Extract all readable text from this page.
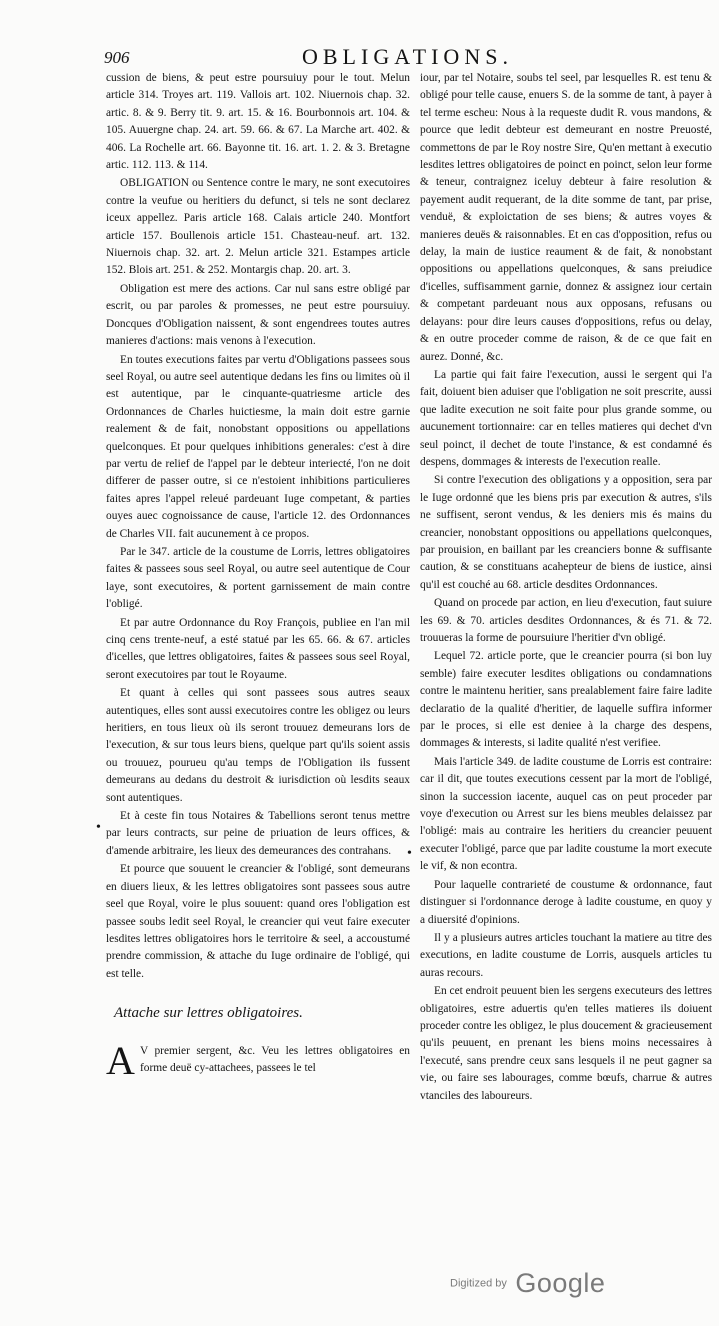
906	OBLIGATIONS.

cussion de biens, & peut estre poursuiuy pour le tout. Melun article 314. Troyes art. 119. Vallois art. 102. Niuernois chap. 32. artic. 8. & 9. Berry tit. 9. art. 15. & 16. Bourbonnois art. 104. & 105. Auuergne chap. 24. art. 59. 66. & 67. La Marche art. 402. & 406. La Rochelle art. 66. Bayonne tit. 16. art. 1. 2. & 3. Bretagne artic. 112. 113. & 114.

OBLIGATION ou Sentence contre le mary, ne sont executoires contre la veufue ou heritiers du defunct, si tels ne sont declarez iceux appellez. Paris article 168. Calais article 240. Montfort article 157. Boullenois article 151. Chasteau-neuf. art. 132. Niuernois chap. 32. art. 2. Melun article 321. Estampes article 152. Blois art. 251. & 252. Montargis chap. 20. art. 3.

Obligation est mere des actions. Car nul sans estre obligé par escrit, ou par paroles & promesses, ne peut estre poursuiuy. Doncques d'Obligation naissent, & sont engendrees toutes autres manieres d'actions: mais venons à l'execution.

En toutes executions faites par vertu d'Obligations passees sous seel Royal, ou autre seel autentique dedans les fins ou limites où il est autentique, par le cinquante-quatriesme article des Ordonnances de Charles huictiesme, la main doit estre garnie realement & de fait, nonobstant oppositions ou appellations quelconques. Et pour quelques inhibitions generales: c'est à dire par vertu de relief de l'appel par le debteur interiecté, l'on ne doit differer de passer outre, si ce n'estoient inhibitions particulieres faites apres l'appel releué pardeuant Iuge competant, & parties ouyes auec cognoissance de cause, l'article 12. des Ordonnances de Charles VII. fait aucunement à ce propos.

Par le 347. article de la coustume de Lorris, lettres obligatoires faites & passees sous seel Royal, ou autre seel autentique de Cour laye, sont executoires, & portent garnissement de main contre l'obligé.

Et par autre Ordonnance du Roy François, publiee en l'an mil cinq cens trente-neuf, a esté statué par les 65. 66. & 67. articles d'icelles, que lettres obligatoires, faites & passees sous seel Royal, seront executoires par tout le Royaume.

Et quant à celles qui sont passees sous autres seaux autentiques, elles sont aussi executoires contre les obligez ou leurs heritiers, en tous lieux où ils seront trouuez demeurans lors de l'execution, & sur tous leurs biens, quelque part qu'ils soient assis ou trouuez, pourueu qu'au temps de l'Obligation ils fussent demeurans au dedans du destroit & iurisdiction où lesdits seaux sont autentiques.

Et à ceste fin tous Notaires & Tabellions seront tenus mettre par leurs contracts, sur peine de priuation de leurs offices, & d'amende arbitraire, les lieux des demeurances des contrahans.

Et pource que souuent le creancier & l'obligé, sont demeurans en diuers lieux, & les lettres obligatoires sont passees sous autre seel que Royal, voire le plus souuent: quand ores l'obligation est passee soubs ledit seel Royal, le creancier qui veut faire executer lesdites lettres obligatoires hors le territoire & seel, a accoustumé prendre commission, & attache du Iuge ordinaire de l'obligé, qui est telle.

Attache sur lettres obligatoires.
A V premier sergent, &c. Veu les lettres obligatoires en forme deuë cy-attachees, passees le tel

iour, par tel Notaire, soubs tel seel, par lesquelles R. est tenu & obligé pour telle cause, enuers S. de la somme de tant, à payer à tel terme escheu: Nous à la requeste dudit R. vous mandons, & pource que ledit debteur est demeurant en nostre Preuosté, commettons de par le Roy nostre Sire, Qu'en mettant à executio lesdites lettres obligatoires de poinct en poinct, selon leur forme & teneur, contraignez iceluy debteur à faire resolution & payement audit requerant, de la dite somme de tant, par prise, venduë, & exploictation de ses biens; & autres voyes & manieres deuës & raisonnables. Et en cas d'opposition, refus ou delay, la main de iustice reaument & de fait, & nonobstant oppositions ou appellations quelconques, & sans preiudice d'icelles, suffisamment garnie, donnez & assignez iour certain & competant pardeuant nous aux opposans, refusans ou delayans: pour dire leurs causes d'oppositions, refus ou delay, & en outre proceder comme de raison, & de ce que fait en aurez. Donné, &c.

La partie qui fait faire l'execution, aussi le sergent qui l'a fait, doiuent bien aduiser que l'obligation ne soit prescrite, aussi que ladite execution ne soit faite pour plus grande somme, ou aucunement tortionnaire: car en telles matieres qui dechet d'vn seul poinct, il dechet de toute l'instance, & est condamné és despens, dommages & interests de l'execution realle.

Si contre l'execution des obligations y a opposition, sera par le Iuge ordonné que les biens pris par execution & autres, s'ils ne suffisent, seront vendus, & les deniers mis és mains du creancier, nonobstant oppositions ou appellations quelconques, par prouision, en baillant par les creanciers bonne & suffisante caution, & se constituans acahepteur de biens de iustice, ainsi qu'il est couché au 68. article desdites Ordonnances.

Quand on procede par action, en lieu d'execution, faut suiure les 69. & 70. articles desdites Ordonnances, & és 71. & 72. trouueras la forme de poursuiure l'heritier d'vn obligé.

Lequel 72. article porte, que le creancier pourra (si bon luy semble) faire executer lesdites obligations ou condamnations contre le maintenu heritier, sans prealablement faire faire ladite declaratio de la qualité d'heritier, de laquelle suffira informer par le proces, si elle est deniee à la charge des despens, dommages & interests, si ladite qualité n'est verifiee.

Mais l'article 349. de ladite coustume de Lorris est contraire: car il dit, que toutes executions cessent par la mort de l'obligé, sinon la succession iacente, auquel cas on peut proceder par voye d'execution ou Arrest sur les biens meubles delaissez par l'obligé: mais au contraire les heritiers du creancier peuuent executer l'obligé, parce que par ladite coustume la mort execute le vif, & non econtra.

Pour laquelle contrarieté de coustume & ordonnance, faut distinguer si l'ordonnance deroge à ladite coustume, en quoy y a diuersité d'opinions.

Il y a plusieurs autres articles touchant la matiere au titre des executions, en ladite coustume de Lorris, ausquels articles tu auras recours.

En cet endroit peuuent bien les sergens executeurs des lettres obligatoires, estre aduertis qu'en telles matieres ils doiuent proceder contre les obligez, le plus doucement & gracieusement qu'ils peuuent, en prenant les biens moins necessaires à l'executé, sans prendre ceux sans lesquels il ne peut gagner sa vie, ou faire ses labourages, comme bœufs, charrue & autres vtanciles des laboureurs.

•
•
Digitized by Google
